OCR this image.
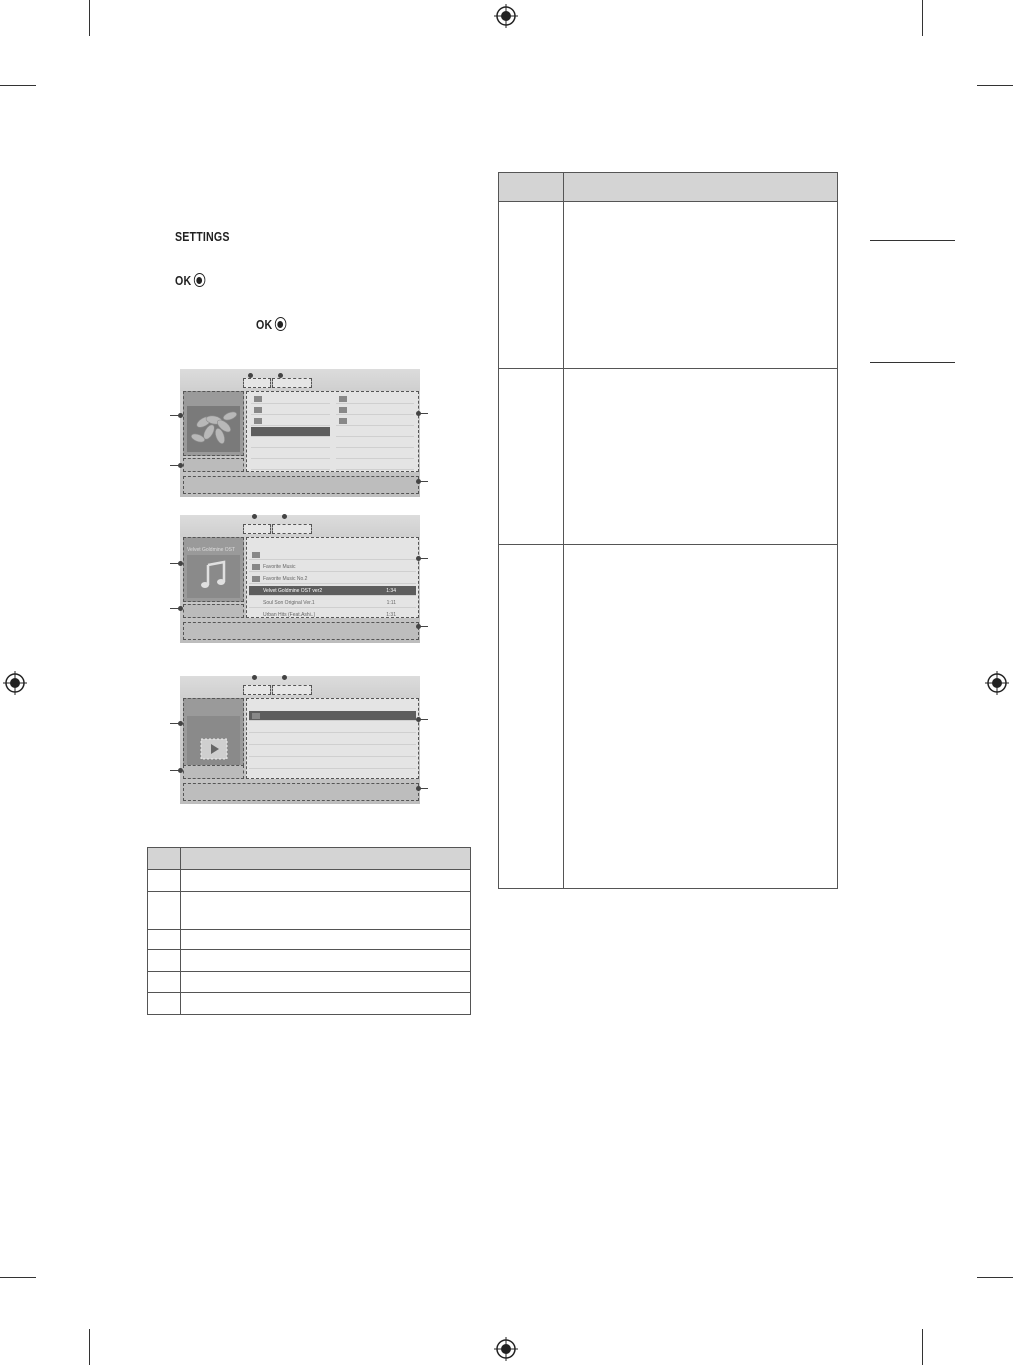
SETTINGS
OK
OK
Velvet Goldmine OST
Favorite Music
Favorite Music No.2
Velvet Goldmine OST ver2	1:34
Soul Son Original Ver.1	1:11
Urban Hits (Feat.Ashi..)	1:31
